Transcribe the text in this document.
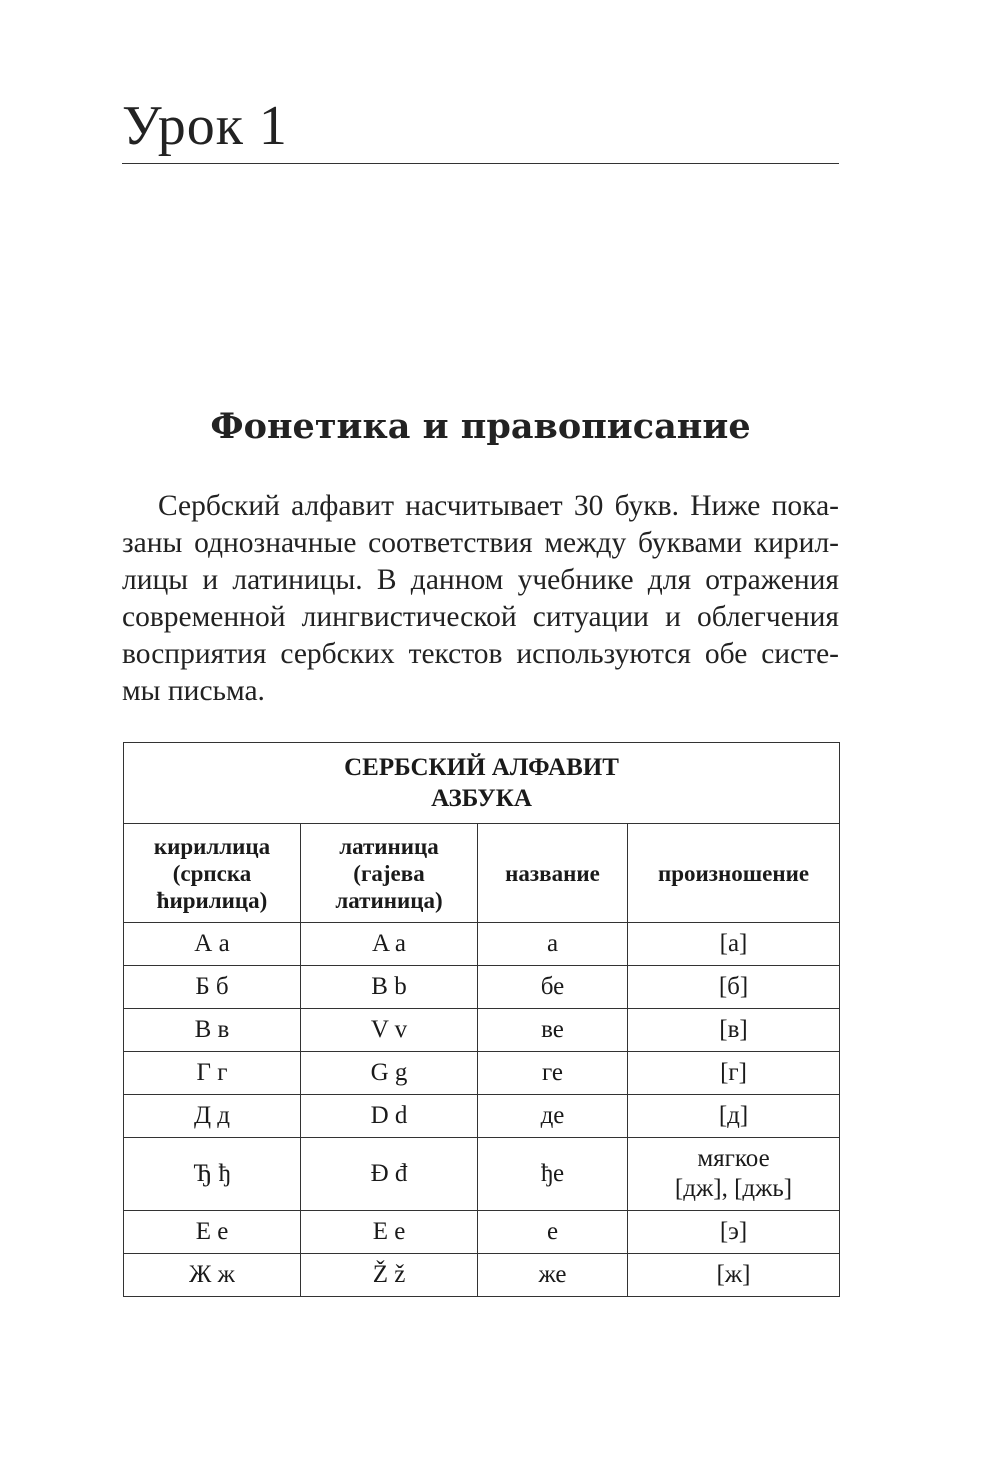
Урок 1
Фонетика и правописание

Сербский алфавит насчитывает 30 букв. Ниже пока-
заны однозначные соответствия между буквами кирил-
лицы и латиницы. В данном учебнике для отражения
современной лингвистической ситуации и облегчения
восприятия сербских текстов используются обе систе-
мы письма.

СЕРБСКИЙ АЛФАВИТ
АЗБУКА			

кириллица
(српска
ћирилица)	латиница
(гајева
латиница)	название	произношение

А а	A a	а	[а]
Б б	B b	бе	[б]
В в	V v	ве	[в]
Г г	G g	ге	[г]
Д д	D d	де	[д]
Ђ ђ	Đ đ	ђе	мягкое
[дж], [джь]

Е е	E e	е	[э]
Ж ж	Ž ž	же	[ж]
